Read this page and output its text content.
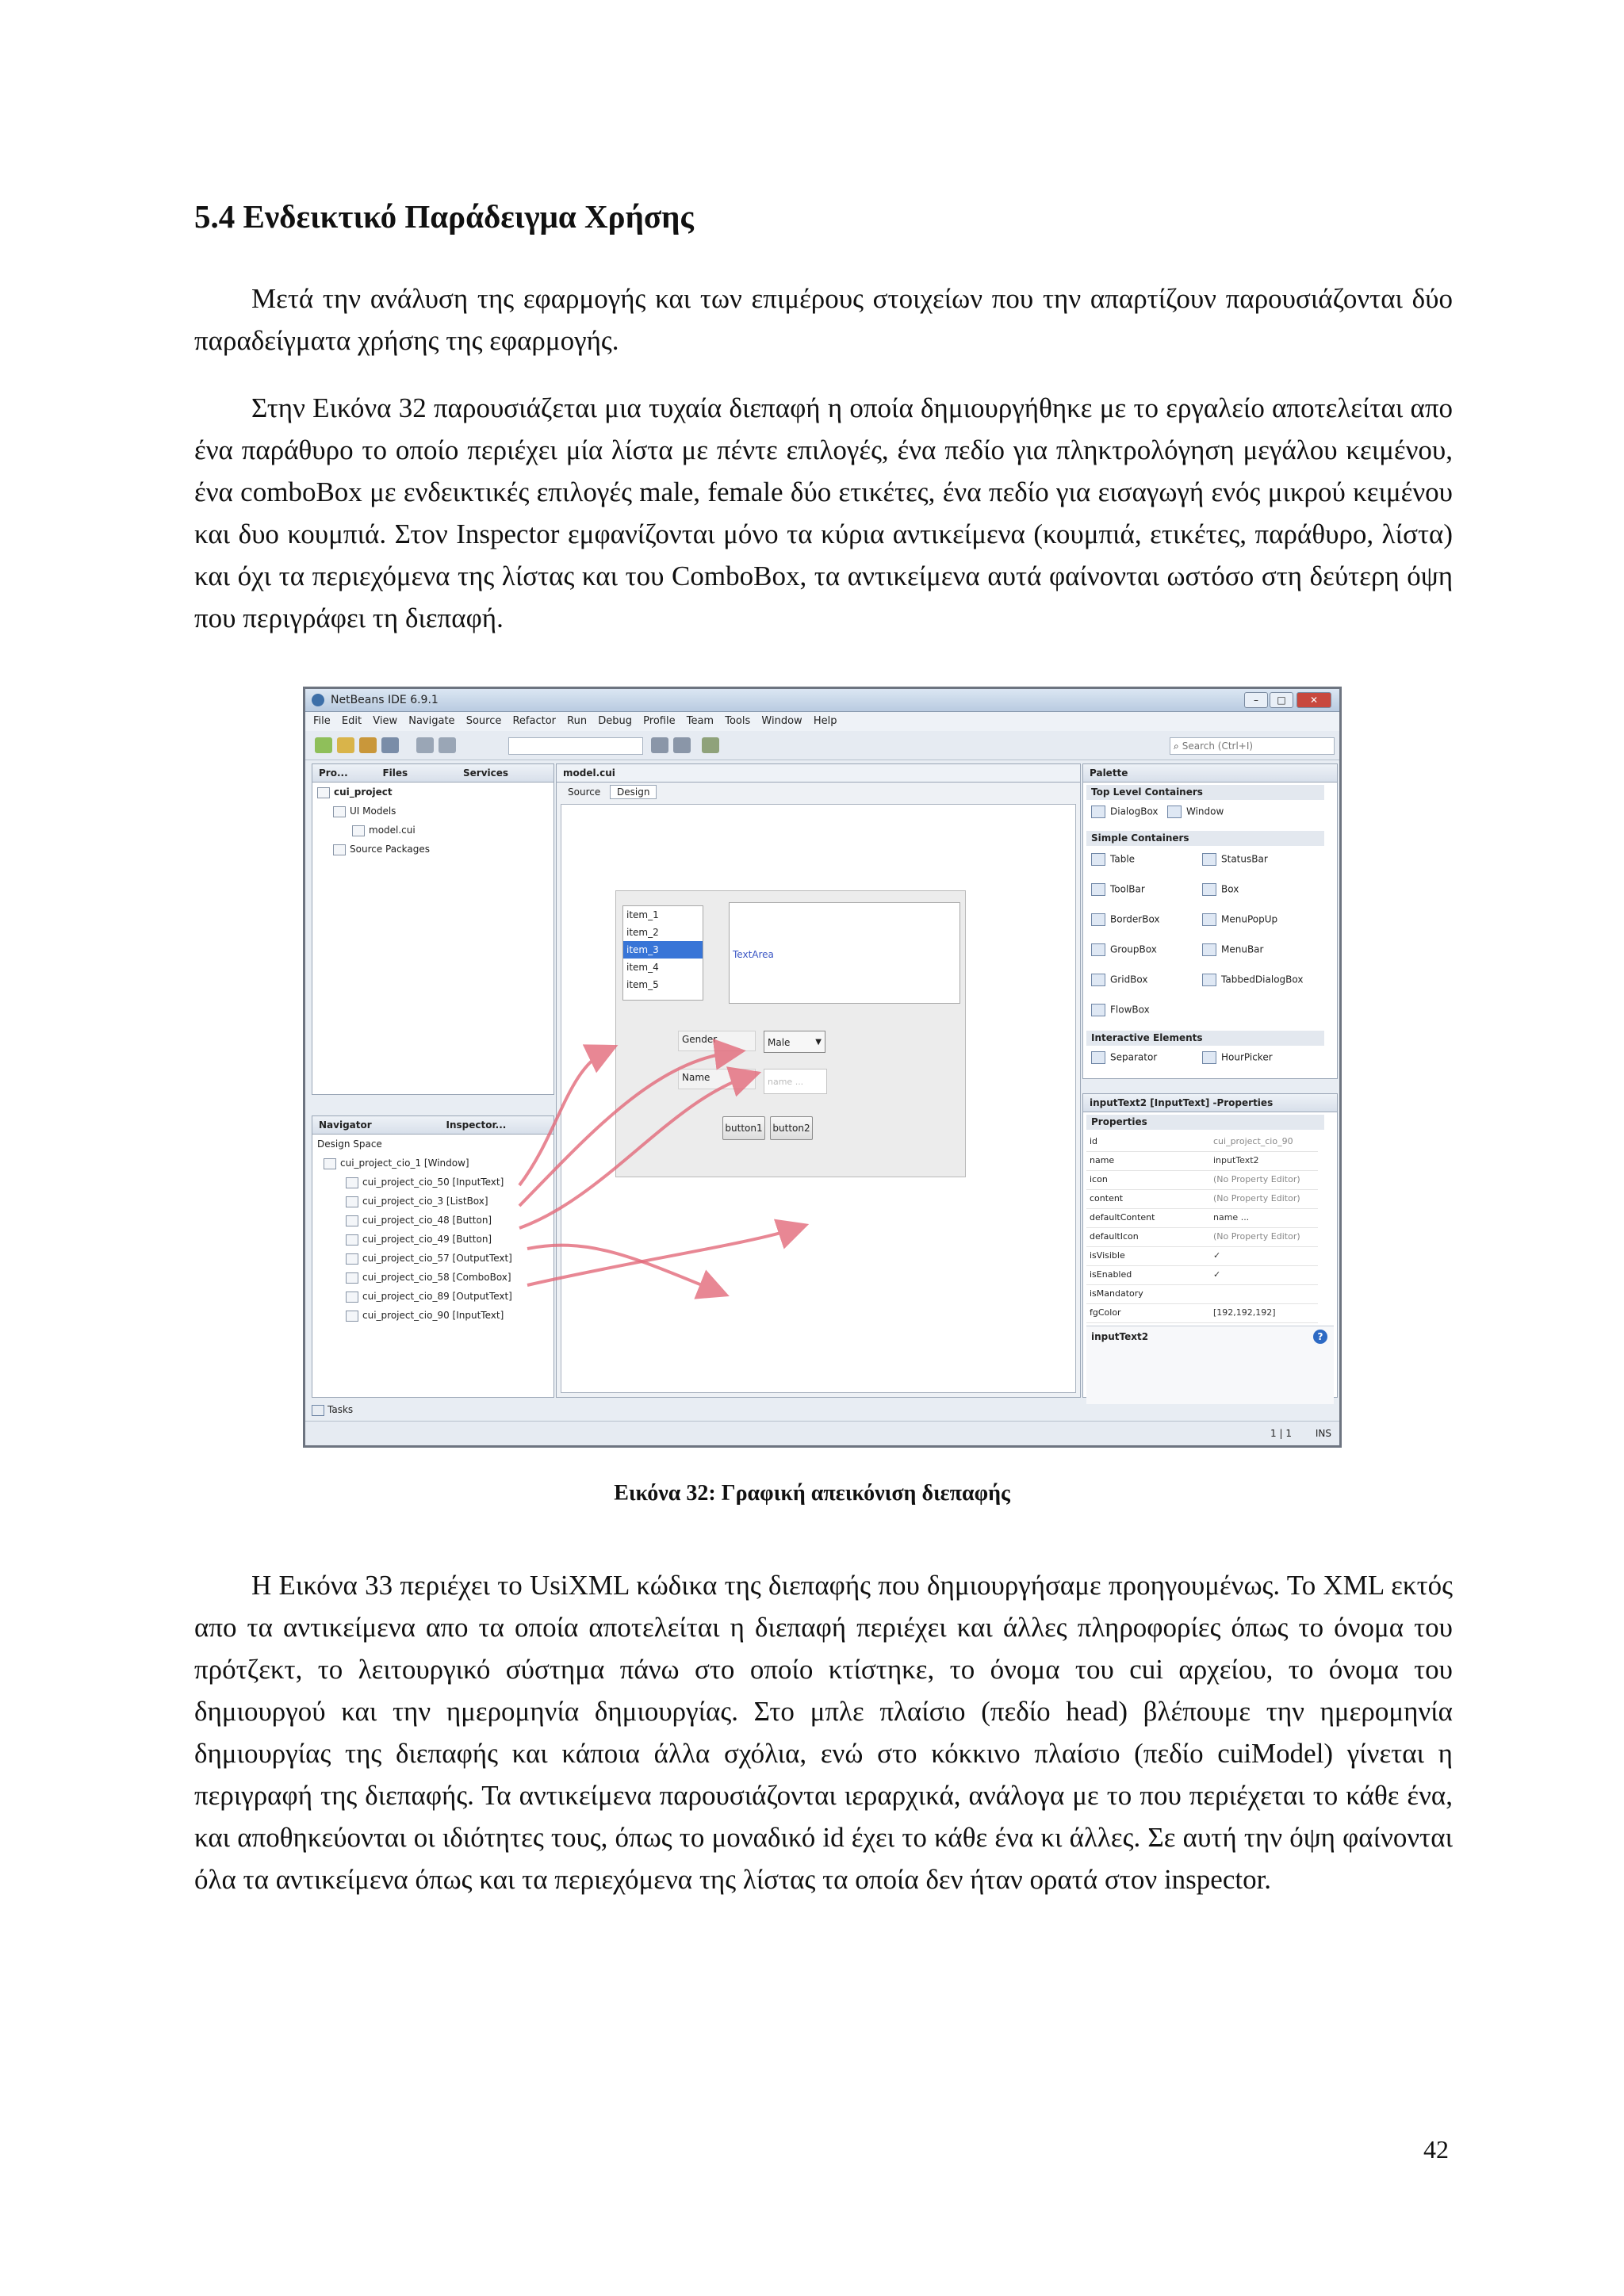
5.4 Ενδεικτικό Παράδειγμα Χρήσης

Μετά την ανάλυση της εφαρμογής και των επιμέρους στοιχείων που την απαρτίζουν παρουσιάζονται δύο παραδείγματα χρήσης της εφαρμογής.

Στην Εικόνα 32 παρουσιάζεται μια τυχαία διεπαφή η οποία δημιουργήθηκε με το εργαλείο αποτελείται απο ένα παράθυρο το οποίο περιέχει μία λίστα με πέντε επιλογές, ένα πεδίο για πληκτρολόγηση μεγάλου κειμένου, ένα comboBox με ενδεικτικές επιλογές male, female δύο ετικέτες, ένα πεδίο για εισαγωγή ενός μικρού κειμένου και δυο κουμπιά. Στον Inspector εμφανίζονται μόνο τα κύρια αντικείμενα (κουμπιά, ετικέτες, παράθυρο, λίστα) και όχι τα περιεχόμενα της λίστας και του ComboBox, τα αντικείμενα αυτά φαίνονται ωστόσο στη δεύτερη όψη που περιγράφει τη διεπαφή.

NetBeans IDE 6.9.1	–	□	✕
File Edit View Navigate Source Refactor Run Debug Profile Team Tools Window Help
⌕ Search (Ctrl+I)
Pro...	Files	Services
cui_project
UI Models
model.cui
Source Packages
Navigator	Inspector...
Design Space
cui_project_cio_1 [Window]
cui_project_cio_50 [InputText]
cui_project_cio_3 [ListBox]
cui_project_cio_48 [Button]
cui_project_cio_49 [Button]
cui_project_cio_57 [OutputText]
cui_project_cio_58 [ComboBox]
cui_project_cio_89 [OutputText]
cui_project_cio_90 [InputText]
model.cui
Source Design
item_1
item_2
item_3
item_4
item_5
TextArea
Gender	Male	▼
Name	name ...
button1 button2
Palette
Top Level Containers
DialogBox	Window
Simple Containers
Table	StatusBar
ToolBar	Box
BorderBox	MenuPopUp
GroupBox	MenuBar
GridBox	TabbedDialogBox
FlowBox
Interactive Elements
Separator	HourPicker
inputText2 [InputText] -Properties
Properties
id	cui_project_cio_90
name	inputText2
icon	(No Property Editor)
content	(No Property Editor)
defaultContent	name ...
defaultIcon	(No Property Editor)
isVisible	✓
isEnabled	✓
isMandatory
fgColor	[192,192,192]
inputText2	?
Tasks
1 | 1 INS
Εικόνα 32: Γραφική απεικόνιση διεπαφής

Η Εικόνα 33 περιέχει το UsiXML κώδικα της διεπαφής που δημιουργήσαμε προηγουμένως. Το XML εκτός απο τα αντικείμενα απο τα οποία αποτελείται η διεπαφή περιέχει και άλλες πληροφορίες όπως το όνομα του πρότζεκτ, το λειτουργικό σύστημα πάνω στο οποίο κτίστηκε, το όνομα του cui αρχείου, το όνομα του δημιουργού και την ημερομηνία δημιουργίας. Στο μπλε πλαίσιο (πεδίο head) βλέπουμε την ημερομηνία δημιουργίας της διεπαφής και κάποια άλλα σχόλια, ενώ στο κόκκινο πλαίσιο (πεδίο cuiModel) γίνεται η περιγραφή της διεπαφής. Τα αντικείμενα παρουσιάζονται ιεραρχικά, ανάλογα με το που περιέχεται το κάθε ένα, και αποθηκεύονται οι ιδιότητες τους, όπως το μοναδικό id έχει το κάθε ένα κι άλλες. Σε αυτή την όψη φαίνονται όλα τα αντικείμενα όπως και τα περιεχόμενα της λίστας τα οποία δεν ήταν ορατά στον inspector.

42
